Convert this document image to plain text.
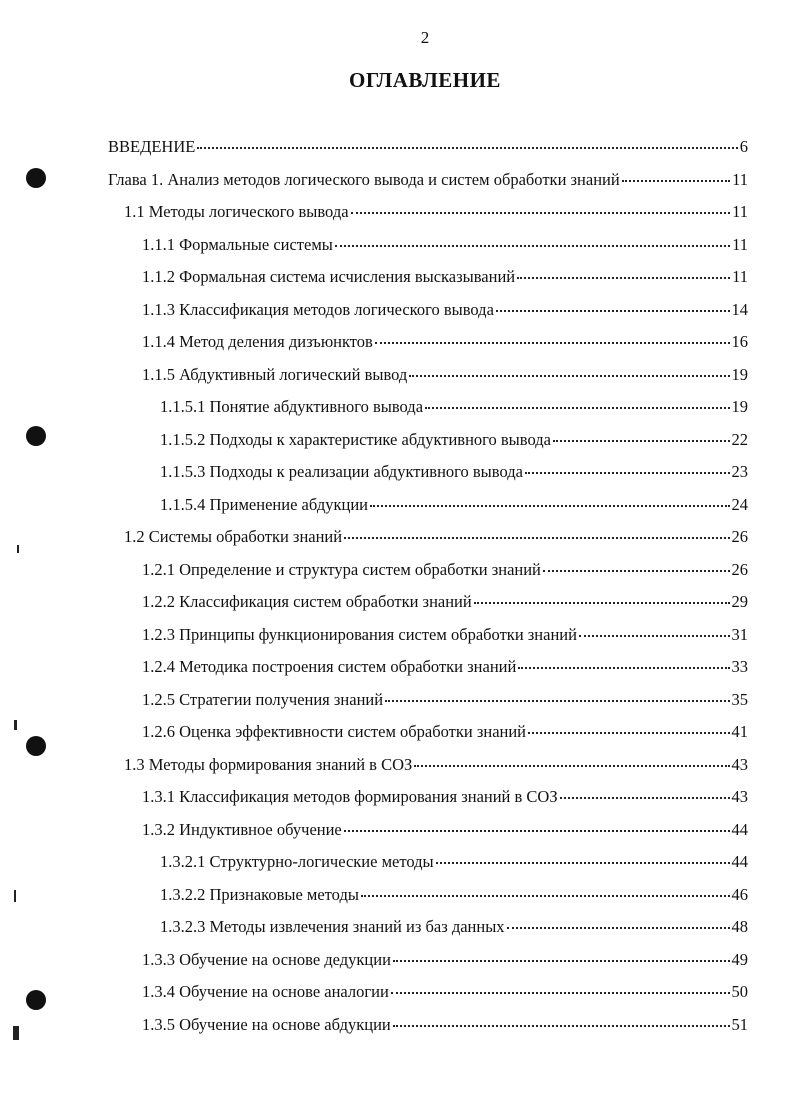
2
ОГЛАВЛЕНИЕ
ВВЕДЕНИЕ	6
Глава 1. Анализ методов логического вывода и систем обработки знаний	11
1.1 Методы логического вывода	11
1.1.1 Формальные системы	11
1.1.2 Формальная система исчисления высказываний	11
1.1.3 Классификация методов логического вывода	14
1.1.4 Метод деления дизъюнктов	16
1.1.5 Абдуктивный логический вывод	19
1.1.5.1 Понятие абдуктивного вывода	19
1.1.5.2 Подходы к характеристике абдуктивного вывода	22
1.1.5.3 Подходы к реализации абдуктивного вывода	23
1.1.5.4 Применение абдукции	24
1.2 Системы обработки знаний	26
1.2.1 Определение и структура систем обработки знаний	26
1.2.2 Классификация систем обработки знаний	29
1.2.3 Принципы функционирования систем обработки знаний	31
1.2.4 Методика построения систем обработки знаний	33
1.2.5 Стратегии получения знаний	35
1.2.6 Оценка эффективности систем обработки знаний	41
1.3 Методы формирования знаний в СОЗ	43
1.3.1 Классификация методов формирования знаний в СОЗ	43
1.3.2 Индуктивное обучение	44
1.3.2.1 Структурно-логические методы	44
1.3.2.2 Признаковые методы	46
1.3.2.3 Методы извлечения знаний из баз данных	48
1.3.3 Обучение на основе дедукции	49
1.3.4 Обучение на основе аналогии	50
1.3.5 Обучение на основе абдукции	51
